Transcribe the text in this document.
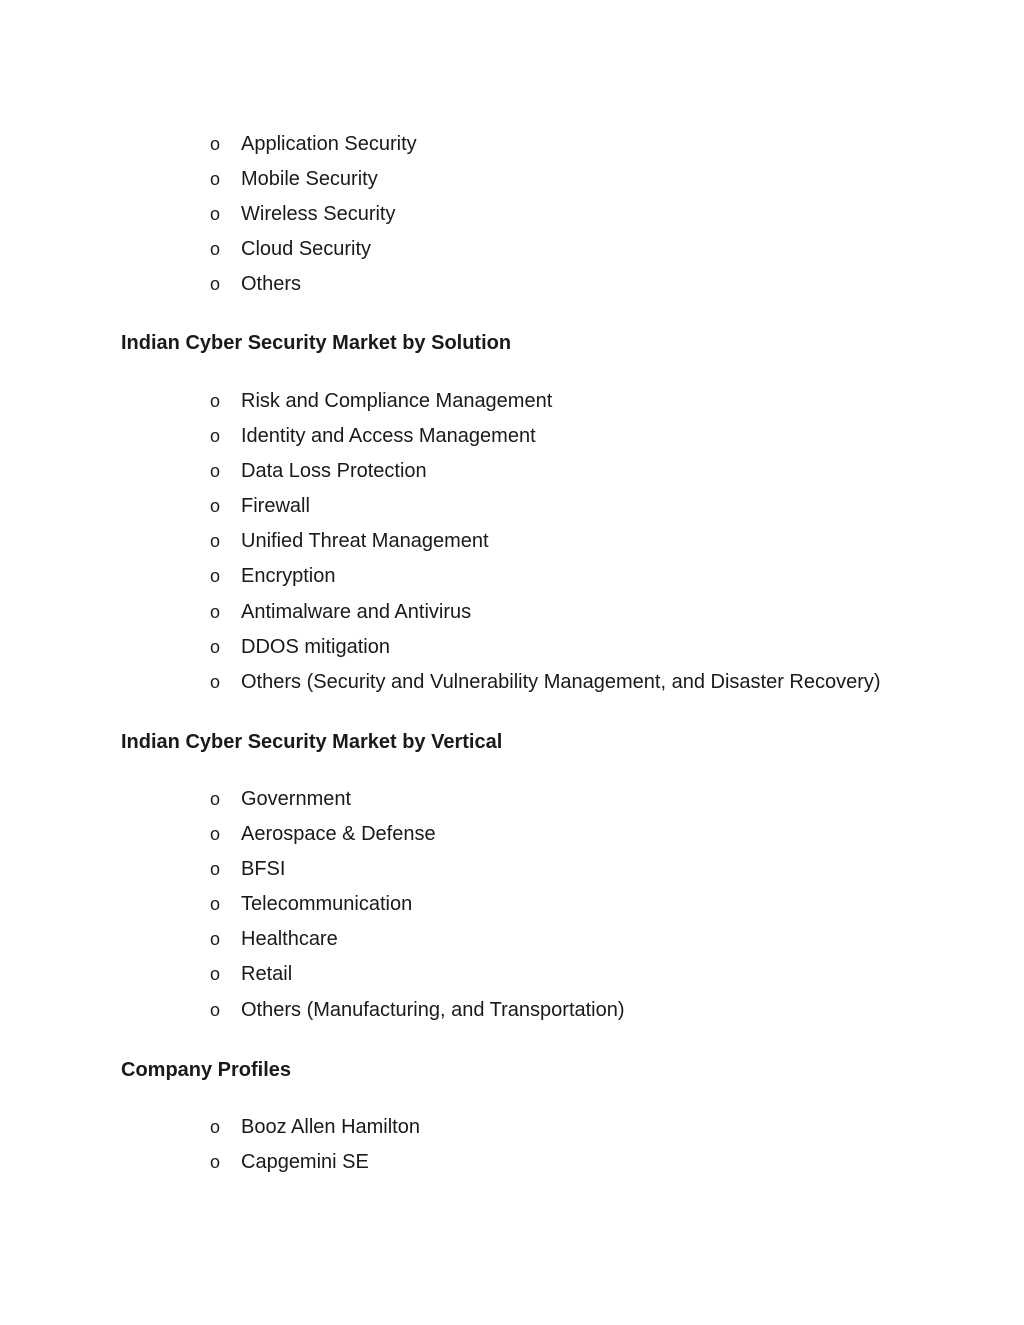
o Application Security
o Mobile Security
o Wireless Security
o Cloud Security
o Others
Indian Cyber Security Market by Solution
o Risk and Compliance Management
o Identity and Access Management
o Data Loss Protection
o Firewall
o Unified Threat Management
o Encryption
o Antimalware and Antivirus
o DDOS mitigation
o Others (Security and Vulnerability Management, and Disaster Recovery)
Indian Cyber Security Market by Vertical
o Government
o Aerospace & Defense
o BFSI
o Telecommunication
o Healthcare
o Retail
o Others (Manufacturing, and Transportation)
Company Profiles
o Booz Allen Hamilton
o Capgemini SE
